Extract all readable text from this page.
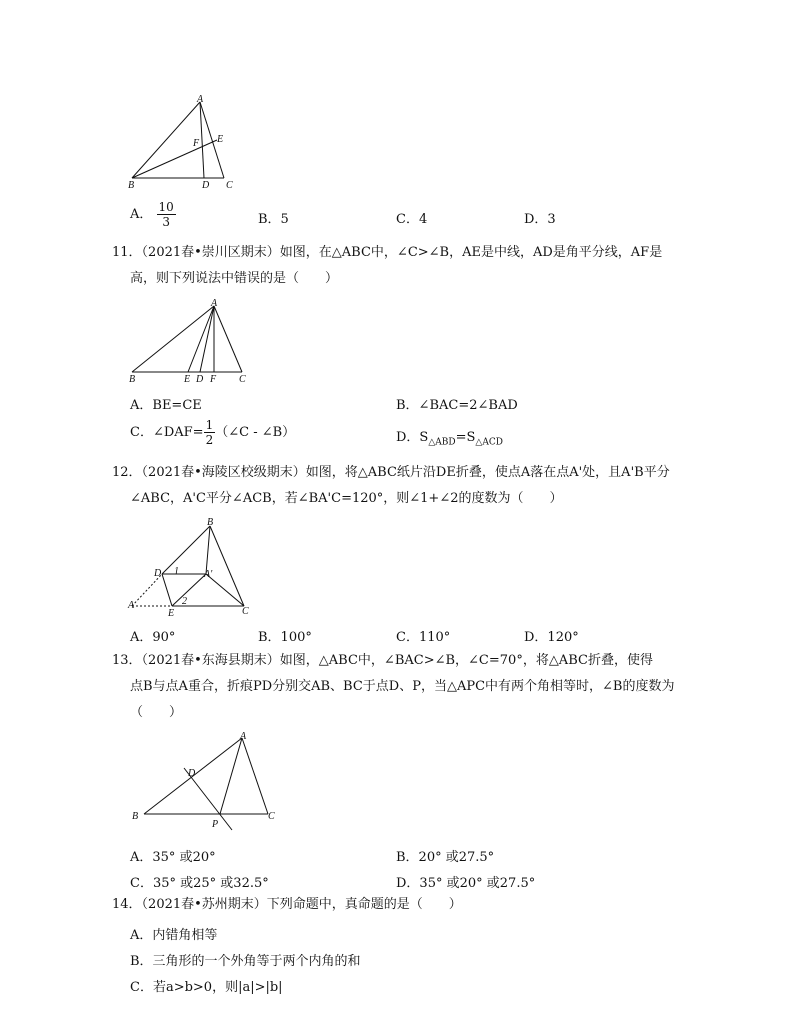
A
B	C
D
E
F
A． $\frac{10}{3}$	B．5	C．4	D．3
11．（2021春•崇川区期末）如图，在△ABC中，∠C>∠B，AE是中线，AD是角平分线，AF是
高，则下列说法中错误的是（　　）
A
B	C
E D F
A．BE=CE	B．∠BAC=2∠BAD
C．∠DAF= $\frac{1}{2}$ （∠C - ∠B）	D．$S_{\triangle ABD}=S_{\triangle ACD}$
12．（2021春•海陵区校级期末）如图，将△ABC纸片沿DE折叠，使点A落在点A'处，且A'B平分
∠ABC，A'C平分∠ACB，若∠BA'C=120°，则∠1+∠2的度数为（　　）
B
D
A
E	C
A'
1
2
A．90°	B．100°	C．110°	D．120°
13．（2021春•东海县期末）如图，△ABC中，∠BAC>∠B，∠C=70°，将△ABC折叠，使得
点B与点A重合，折痕PD分别交AB、BC于点D、P，当△APC中有两个角相等时，∠B的度数为
（　　）
A
B	C
D
P
A．35° 或20°	B．20° 或27.5°
C．35° 或25° 或32.5°	D．35° 或20° 或27.5°
14．（2021春•苏州期末）下列命题中，真命题的是（　　）
A．内错角相等
B．三角形的一个外角等于两个内角的和
C．若a>b>0，则|a|>|b|
